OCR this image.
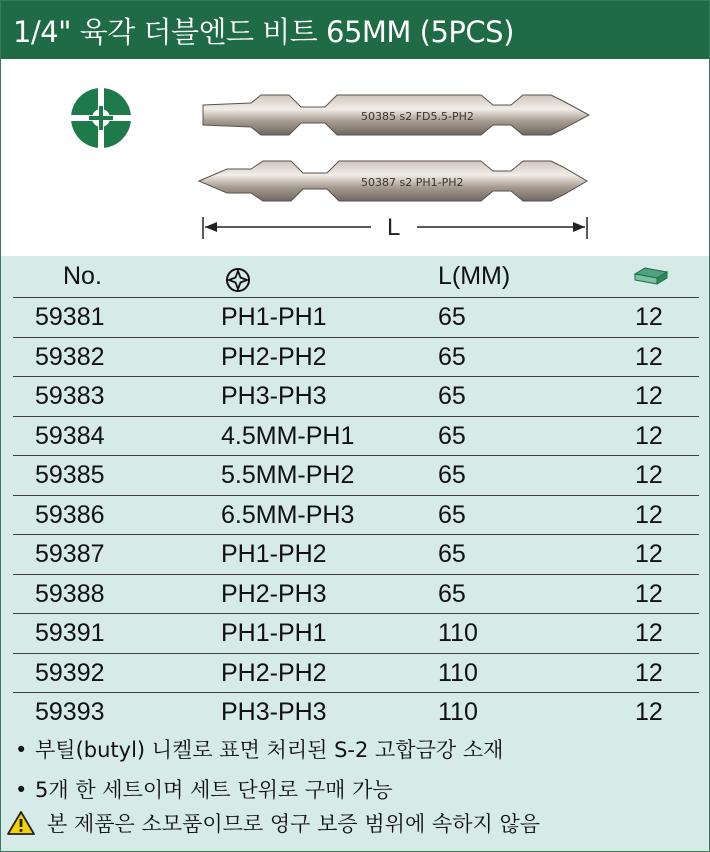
1/4" 육각 더블엔드 비트 65MM (5PCS)
50385 s2 FD5.5-PH2
50387 s2 PH1-PH2
L
No.	L(MM)
59381	PH1-PH1	65	12
59382	PH2-PH2	65	12
59383	PH3-PH3	65	12
59384	4.5MM-PH1	65	12
59385	5.5MM-PH2	65	12
59386	6.5MM-PH3	65	12
59387	PH1-PH2	65	12
59388	PH2-PH3	65	12
59391	PH1-PH1	110	12
59392	PH2-PH2	110	12
59393	PH3-PH3	110	12
• 부틸(butyl) 니켈로 표면 처리된 S-2 고합금강 소재
• 5개 한 세트이며 세트 단위로 구매 가능
본 제품은 소모품이므로 영구 보증 범위에 속하지 않음
